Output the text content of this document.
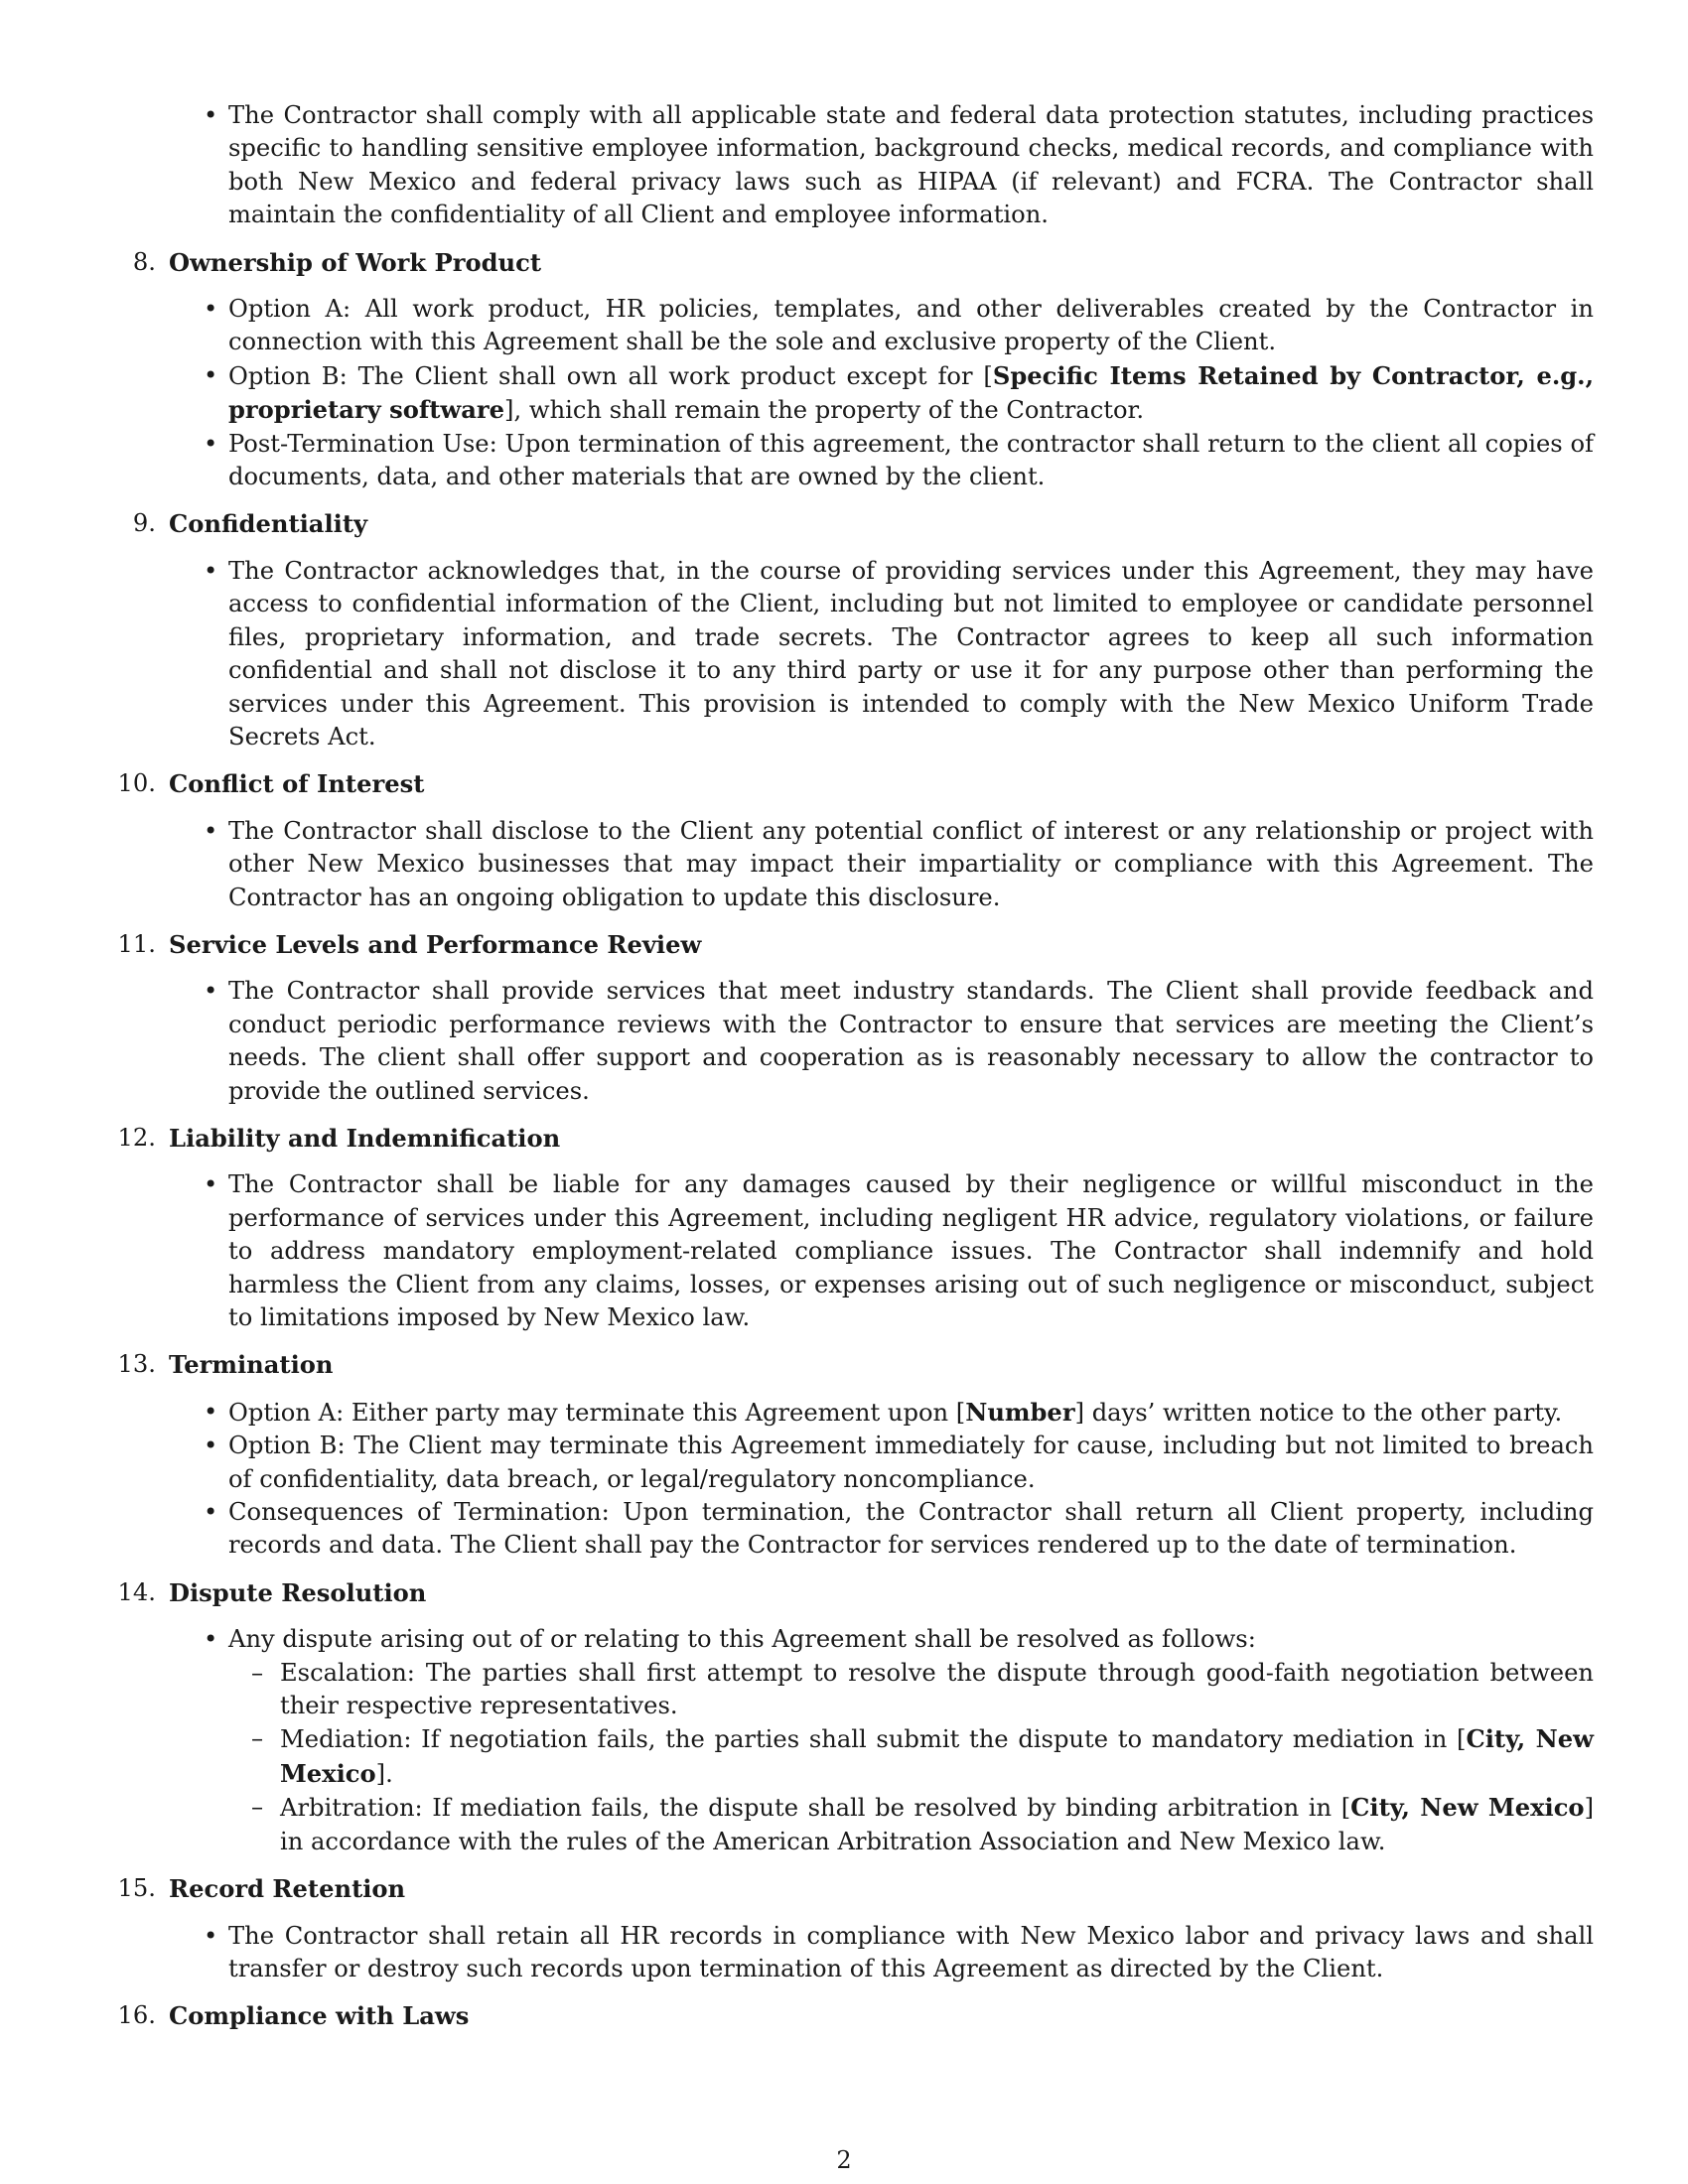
• The Contractor shall comply with all applicable state and federal data protection statutes, including practices specific to handling sensitive employee information, background checks, medical records, and compliance with both New Mexico and federal privacy laws such as HIPAA (if relevant) and FCRA. The Contractor shall maintain the confidentiality of all Client and employee information.
8. Ownership of Work Product
• Option A: All work product, HR policies, templates, and other deliverables created by the Contractor in connection with this Agreement shall be the sole and exclusive property of the Client.
• Option B: The Client shall own all work product except for [Specific Items Retained by Contractor, e.g., proprietary software], which shall remain the property of the Contractor.
• Post-Termination Use: Upon termination of this agreement, the contractor shall return to the client all copies of documents, data, and other materials that are owned by the client.
9. Confidentiality
• The Contractor acknowledges that, in the course of providing services under this Agreement, they may have access to confidential information of the Client, including but not limited to employee or candidate personnel files, proprietary information, and trade secrets. The Contractor agrees to keep all such information confidential and shall not disclose it to any third party or use it for any purpose other than performing the services under this Agreement. This provision is intended to comply with the New Mexico Uniform Trade Secrets Act.
10. Conflict of Interest
• The Contractor shall disclose to the Client any potential conflict of interest or any relationship or project with other New Mexico businesses that may impact their impartiality or compliance with this Agreement. The Contractor has an ongoing obligation to update this disclosure.
11. Service Levels and Performance Review
• The Contractor shall provide services that meet industry standards. The Client shall provide feedback and conduct periodic performance reviews with the Contractor to ensure that services are meeting the Client’s needs. The client shall offer support and cooperation as is reasonably necessary to allow the contractor to provide the outlined services.
12. Liability and Indemnification
• The Contractor shall be liable for any damages caused by their negligence or willful misconduct in the performance of services under this Agreement, including negligent HR advice, regulatory violations, or failure to address mandatory employment-related compliance issues. The Contractor shall indemnify and hold harmless the Client from any claims, losses, or expenses arising out of such negligence or misconduct, subject to limitations imposed by New Mexico law.
13. Termination
• Option A: Either party may terminate this Agreement upon [Number] days’ written notice to the other party.
• Option B: The Client may terminate this Agreement immediately for cause, including but not limited to breach of confidentiality, data breach, or legal/regulatory noncompliance.
• Consequences of Termination: Upon termination, the Contractor shall return all Client property, including records and data. The Client shall pay the Contractor for services rendered up to the date of termination.
14. Dispute Resolution
• Any dispute arising out of or relating to this Agreement shall be resolved as follows:
– Escalation: The parties shall first attempt to resolve the dispute through good-faith negotiation between their respective representatives.
– Mediation: If negotiation fails, the parties shall submit the dispute to mandatory mediation in [City, New Mexico].
– Arbitration: If mediation fails, the dispute shall be resolved by binding arbitration in [City, New Mexico] in accordance with the rules of the American Arbitration Association and New Mexico law.
15. Record Retention
• The Contractor shall retain all HR records in compliance with New Mexico labor and privacy laws and shall transfer or destroy such records upon termination of this Agreement as directed by the Client.
16. Compliance with Laws
2
